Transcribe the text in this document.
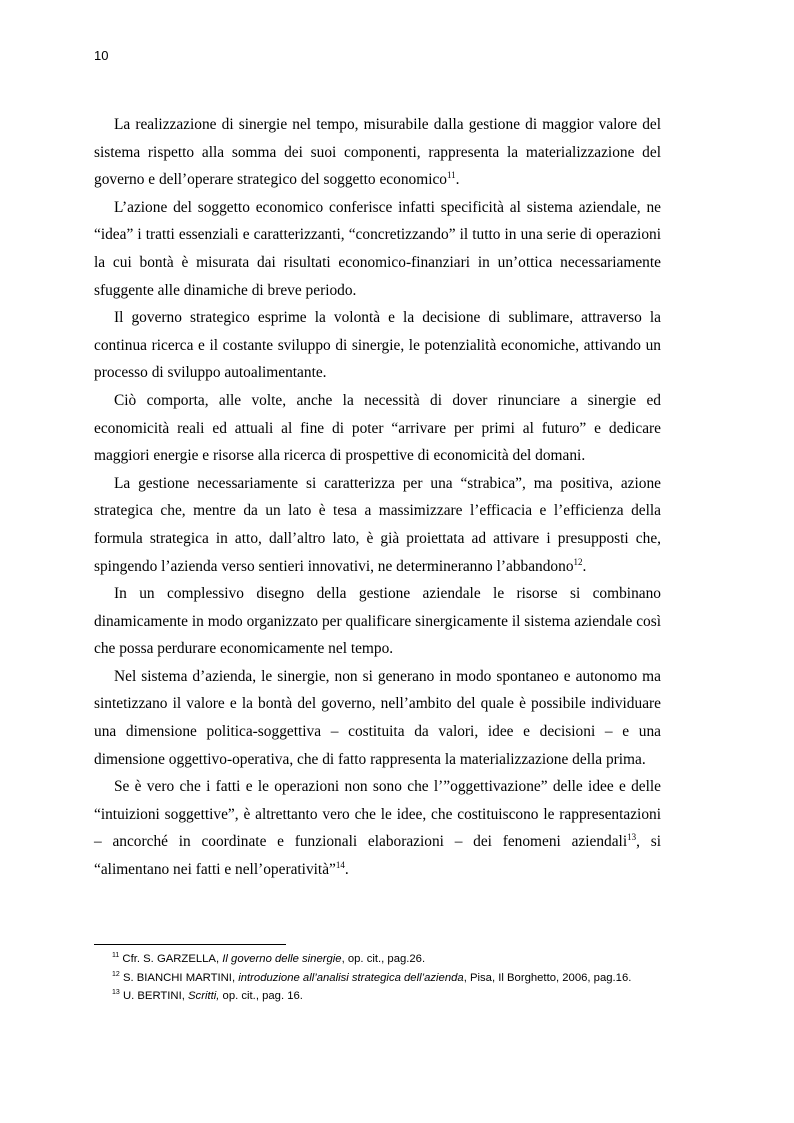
10

La realizzazione di sinergie nel tempo, misurabile dalla gestione di maggior valore del sistema rispetto alla somma dei suoi componenti, rappresenta la materializzazione del governo e dell’operare strategico del soggetto economico$^{11}$.

L’azione del soggetto economico conferisce infatti specificità al sistema aziendale, ne “idea” i tratti essenziali e caratterizzanti, “concretizzando” il tutto in una serie di operazioni la cui bontà è misurata dai risultati economico-finanziari in un’ottica necessariamente sfuggente alle dinamiche di breve periodo.

Il governo strategico esprime la volontà e la decisione di sublimare, attraverso la continua ricerca e il costante sviluppo di sinergie, le potenzialità economiche, attivando un processo di sviluppo autoalimentante.

Ciò comporta, alle volte, anche la necessità di dover rinunciare a sinergie ed economicità reali ed attuali al fine di poter “arrivare per primi al futuro” e dedicare maggiori energie e risorse alla ricerca di prospettive di economicità del domani.

La gestione necessariamente si caratterizza per una “strabica”, ma positiva, azione strategica che, mentre da un lato è tesa a massimizzare l’efficacia e l’efficienza della formula strategica in atto, dall’altro lato, è già proiettata ad attivare i presupposti che, spingendo l’azienda verso sentieri innovativi, ne determineranno l’abbandono$^{12}$.

In un complessivo disegno della gestione aziendale le risorse si combinano dinamicamente in modo organizzato per qualificare sinergicamente il sistema aziendale così che possa perdurare economicamente nel tempo.

Nel sistema d’azienda, le sinergie, non si generano in modo spontaneo e autonomo ma sintetizzano il valore e la bontà del governo, nell’ambito del quale è possibile individuare una dimensione politica-soggettiva – costituita da valori, idee e decisioni – e una dimensione oggettivo-operativa, che di fatto rappresenta la materializzazione della prima.

Se è vero che i fatti e le operazioni non sono che l’”oggettivazione” delle idee e delle “intuizioni soggettive”, è altrettanto vero che le idee, che costituiscono le rappresentazioni – ancorché in coordinate e funzionali elaborazioni – dei fenomeni aziendali$^{13}$, si “alimentano nei fatti e nell’operatività”$^{14}$.

$^{11}$ Cfr. S. GARZELLA, Il governo delle sinergie, op. cit., pag.26.

$^{12}$ S. BIANCHI MARTINI, introduzione all’analisi strategica dell’azienda, Pisa, Il Borghetto, 2006, pag.16.

$^{13}$ U. BERTINI, Scritti, op. cit., pag. 16.
